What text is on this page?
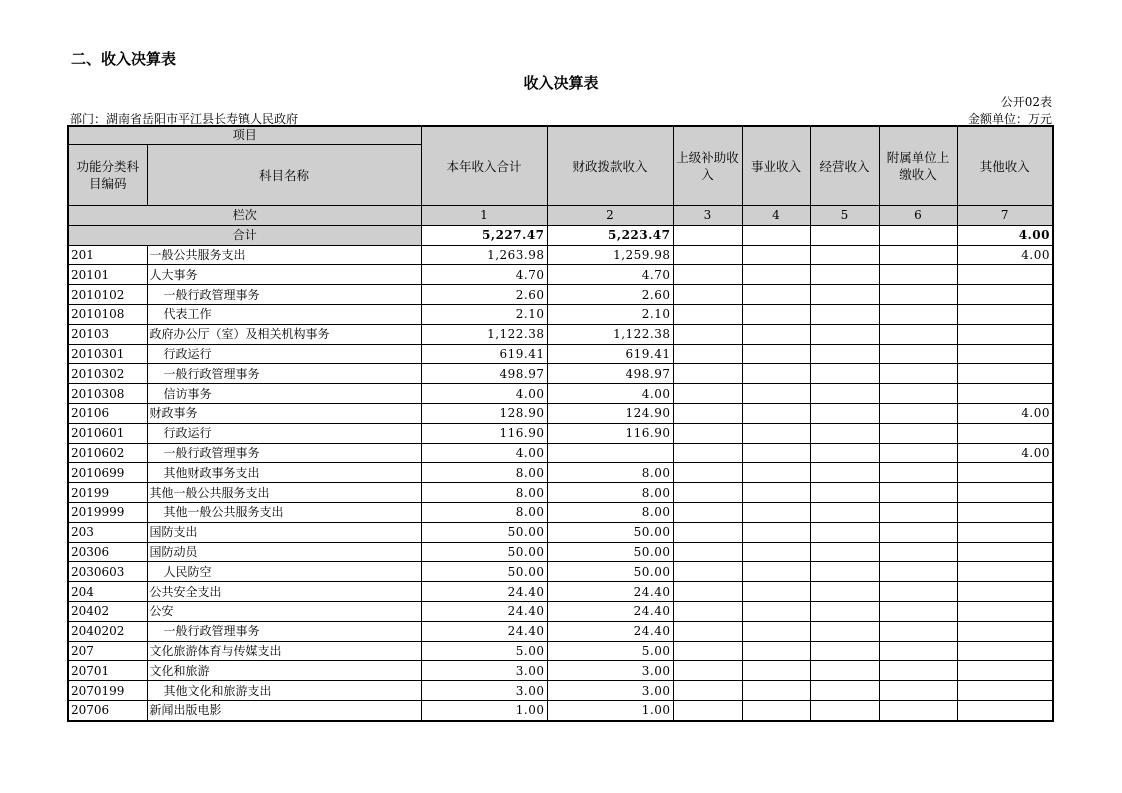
二、收入决算表
收入决算表
公开02表
部门：湖南省岳阳市平江县长寿镇人民政府	金额单位：万元
项目		本年收入合计	财政拨款收入	上级补助收入	事业收入	经营收入	附属单位上缴收入	其他收入
功能分类科目编码	科目名称							
栏次		1	2	3	4	5	6	7
合计		5,227.47	5,223.47					4.00
201	一般公共服务支出	1,263.98	1,259.98					4.00
20101	人大事务	4.70	4.70					
2010102	一般行政管理事务	2.60	2.60					
2010108	代表工作	2.10	2.10					
20103	政府办公厅（室）及相关机构事务	1,122.38	1,122.38					
2010301	行政运行	619.41	619.41					
2010302	一般行政管理事务	498.97	498.97					
2010308	信访事务	4.00	4.00					
20106	财政事务	128.90	124.90					4.00
2010601	行政运行	116.90	116.90					
2010602	一般行政管理事务	4.00						4.00
2010699	其他财政事务支出	8.00	8.00					
20199	其他一般公共服务支出	8.00	8.00					
2019999	其他一般公共服务支出	8.00	8.00					
203	国防支出	50.00	50.00					
20306	国防动员	50.00	50.00					
2030603	人民防空	50.00	50.00					
204	公共安全支出	24.40	24.40					
20402	公安	24.40	24.40					
2040202	一般行政管理事务	24.40	24.40					
207	文化旅游体育与传媒支出	5.00	5.00					
20701	文化和旅游	3.00	3.00					
2070199	其他文化和旅游支出	3.00	3.00					
20706	新闻出版电影	1.00	1.00					
